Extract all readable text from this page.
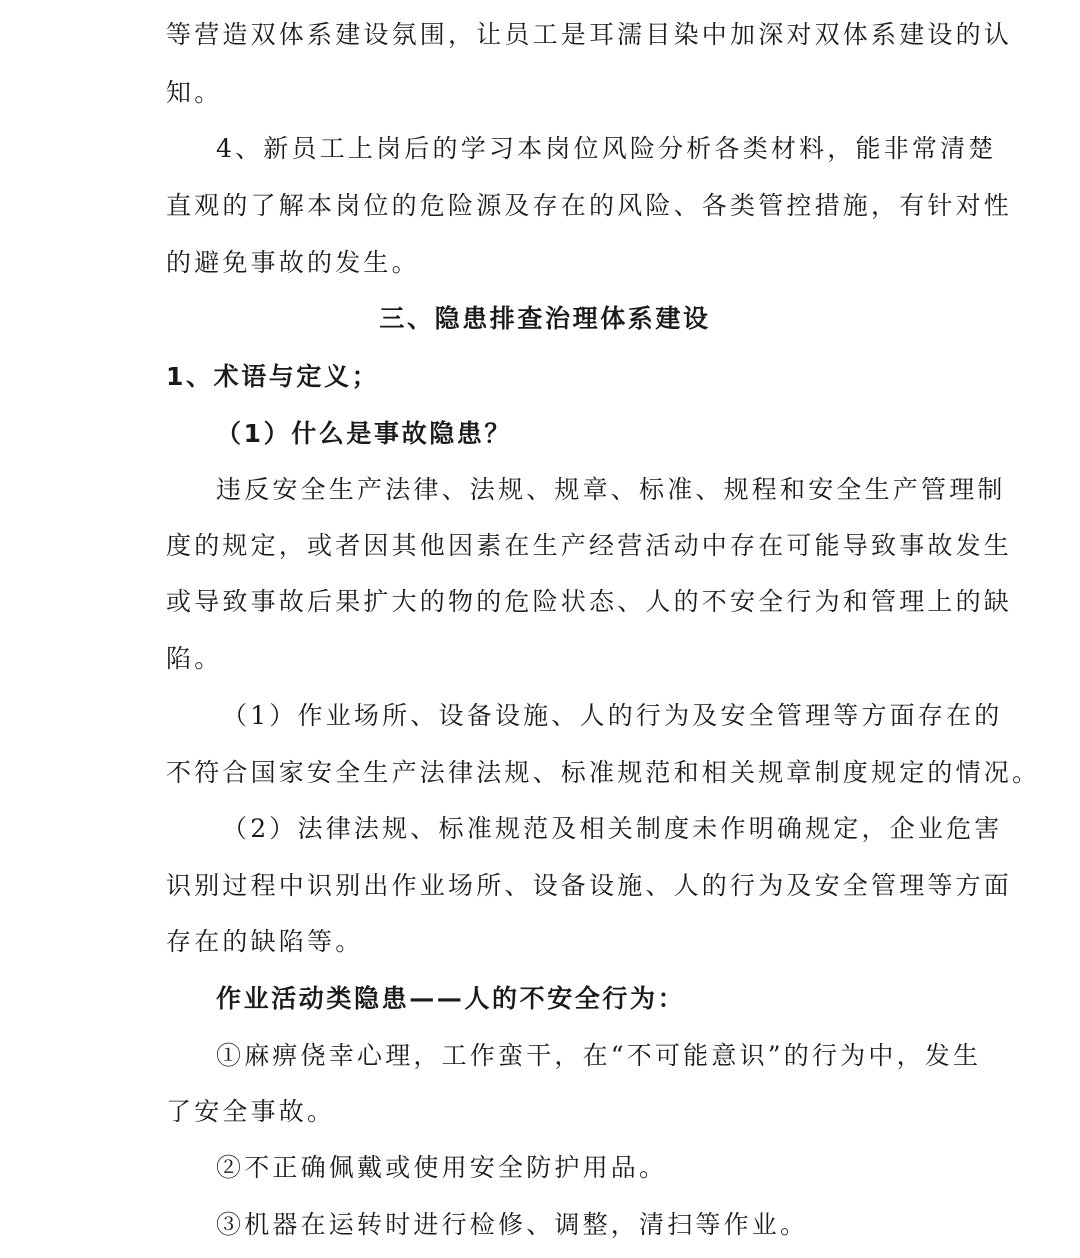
等营造双体系建设氛围，让员工是耳濡目染中加深对双体系建设的认
知。
4、新员工上岗后的学习本岗位风险分析各类材料，能非常清楚
直观的了解本岗位的危险源及存在的风险、各类管控措施，有针对性
的避免事故的发生。
三、隐患排查治理体系建设
1、术语与定义；
（1）什么是事故隐患？
违反安全生产法律、法规、规章、标准、规程和安全生产管理制
度的规定，或者因其他因素在生产经营活动中存在可能导致事故发生
或导致事故后果扩大的物的危险状态、人的不安全行为和管理上的缺
陷。
（1）作业场所、设备设施、人的行为及安全管理等方面存在的
不符合国家安全生产法律法规、标准规范和相关规章制度规定的情况。
（2）法律法规、标准规范及相关制度未作明确规定，企业危害
识别过程中识别出作业场所、设备设施、人的行为及安全管理等方面
存在的缺陷等。
作业活动类隐患——人的不安全行为：
①麻痹侥幸心理，工作蛮干，在“不可能意识”的行为中，发生
了安全事故。
②不正确佩戴或使用安全防护用品。
③机器在运转时进行检修、调整，清扫等作业。
